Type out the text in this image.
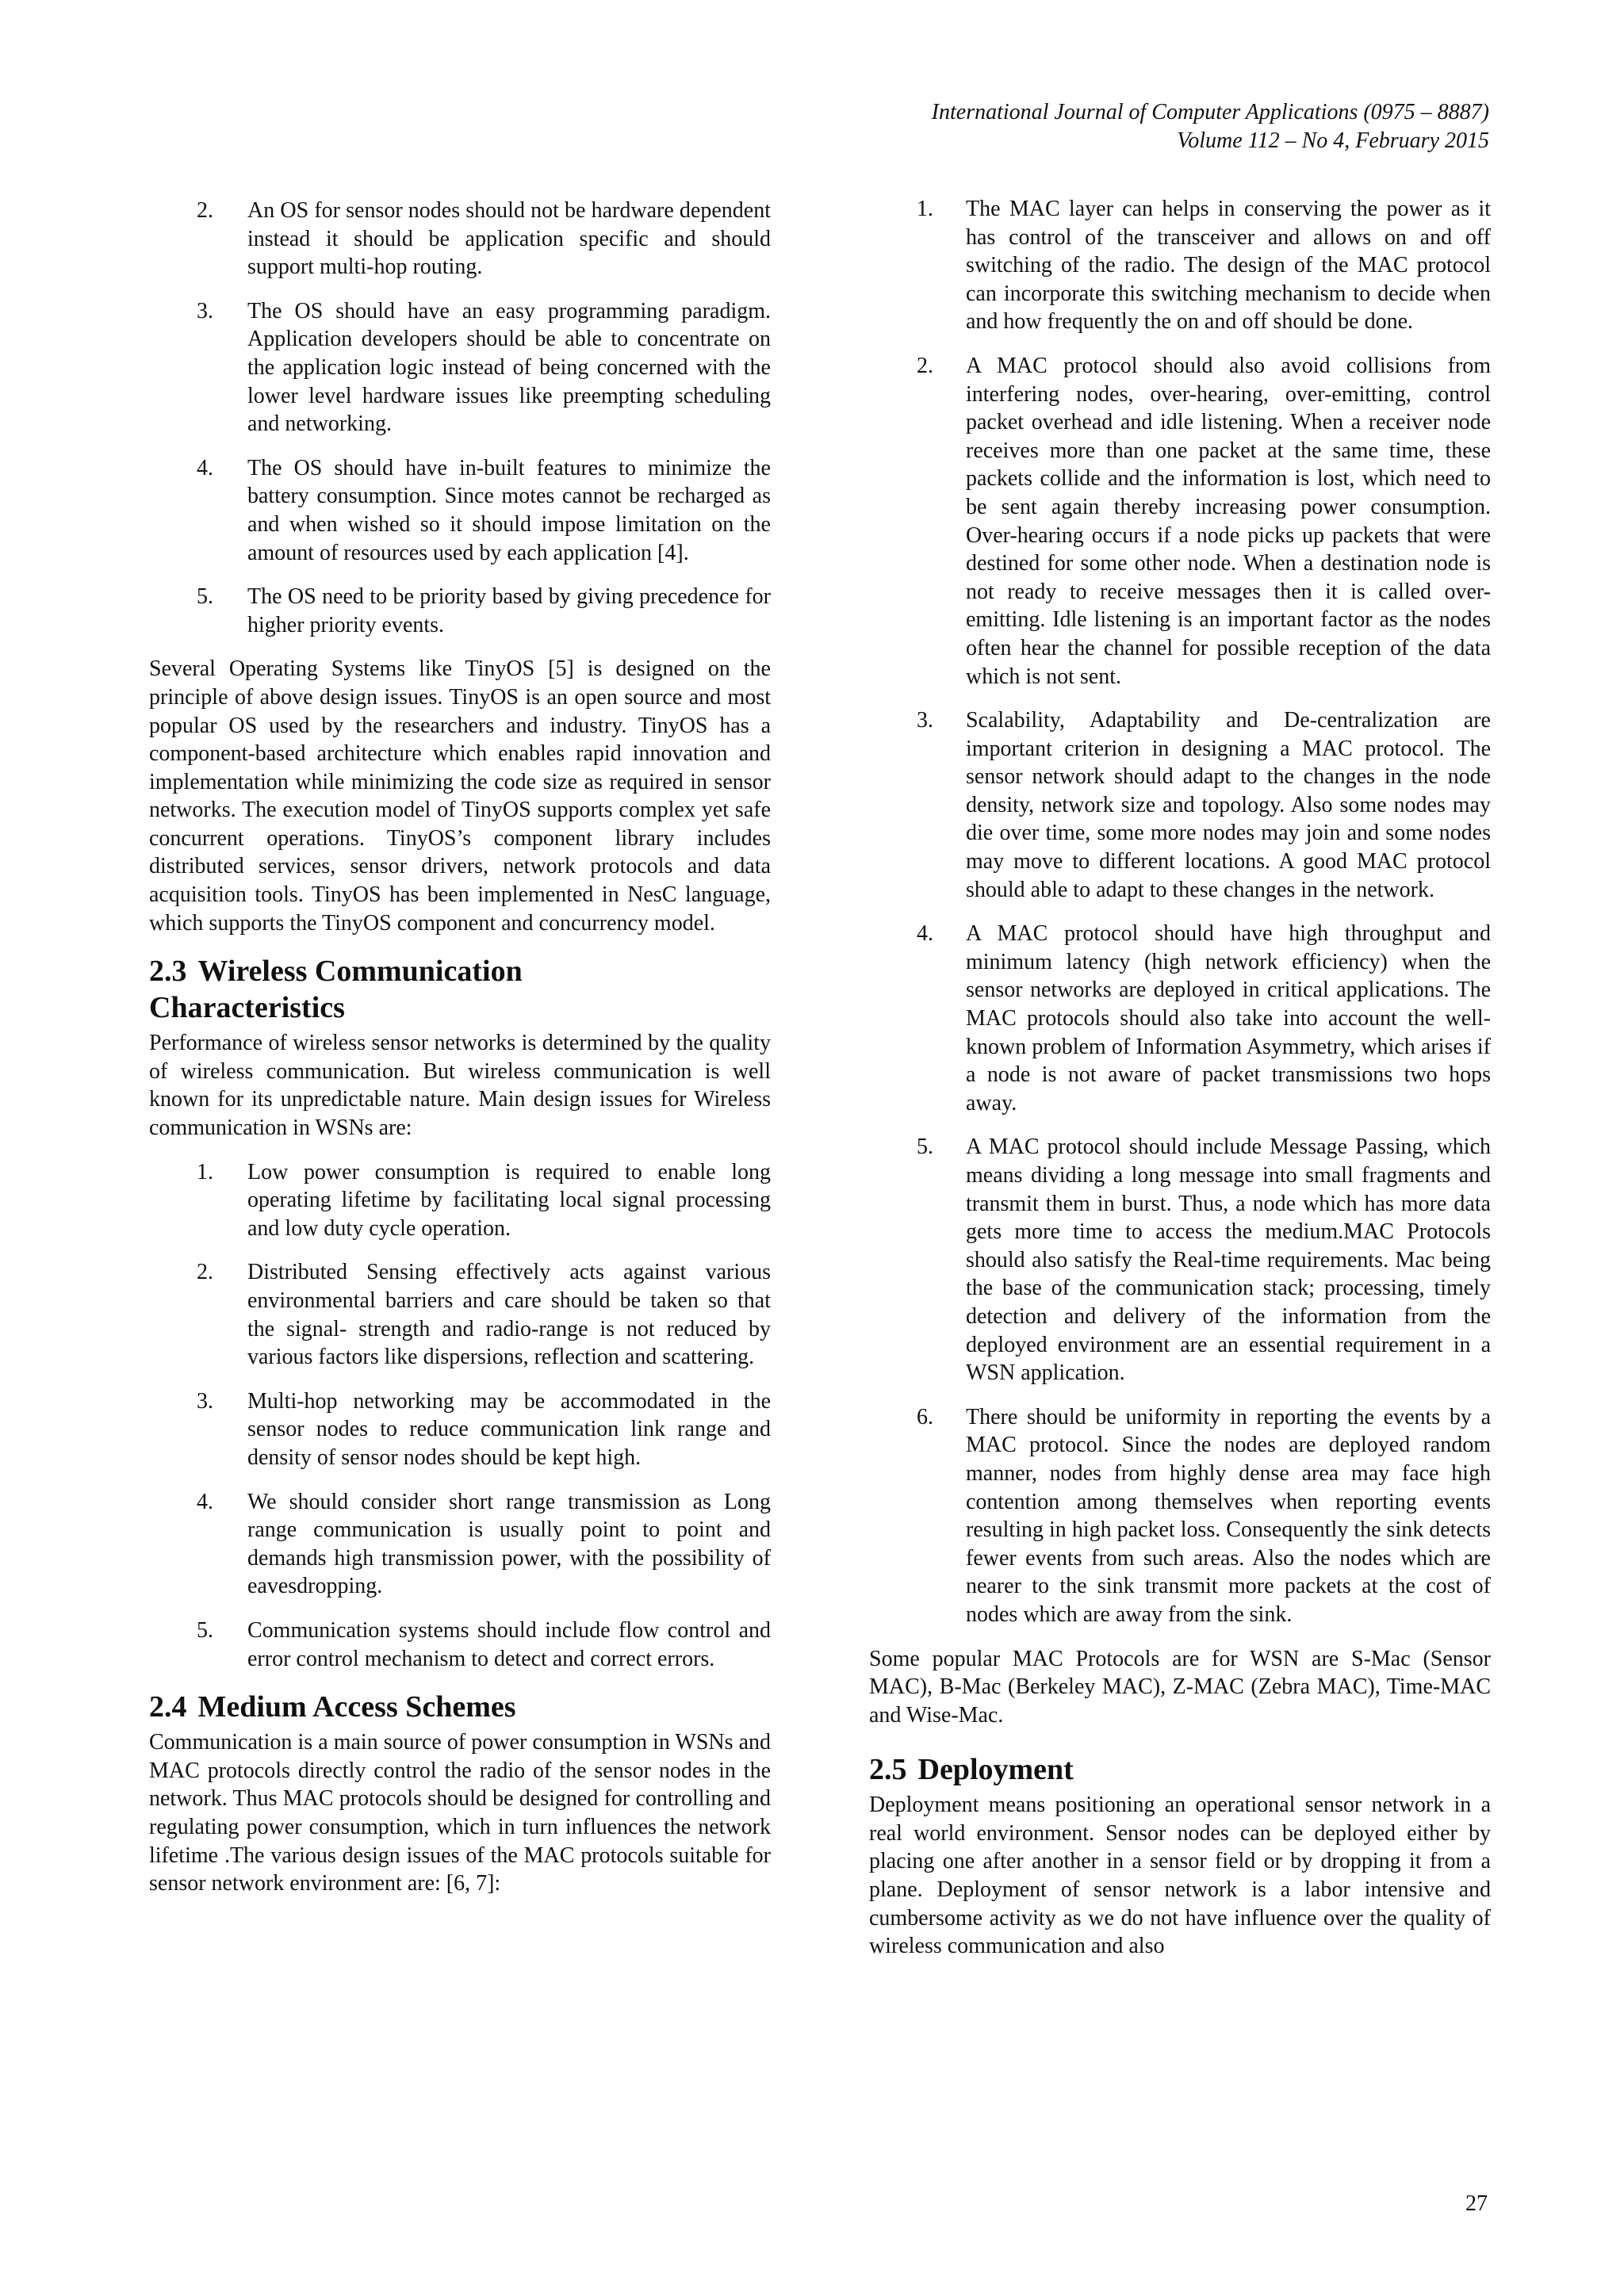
International Journal of Computer Applications (0975 – 8887)
Volume 112 – No 4, February 2015
2. An OS for sensor nodes should not be hardware dependent instead it should be application specific and should support multi-hop routing.
3. The OS should have an easy programming paradigm. Application developers should be able to concentrate on the application logic instead of being concerned with the lower level hardware issues like preempting scheduling and networking.
4. The OS should have in-built features to minimize the battery consumption. Since motes cannot be recharged as and when wished so it should impose limitation on the amount of resources used by each application [4].
5. The OS need to be priority based by giving precedence for higher priority events.

Several Operating Systems like TinyOS [5] is designed on the principle of above design issues. TinyOS is an open source and most popular OS used by the researchers and industry. TinyOS has a component-based architecture which enables rapid innovation and implementation while minimizing the code size as required in sensor networks. The execution model of TinyOS supports complex yet safe concurrent operations. TinyOS’s component library includes distributed services, sensor drivers, network protocols and data acquisition tools. TinyOS has been implemented in NesC language, which supports the TinyOS component and concurrency model.

2.3 Wireless Communication
Characteristics

Performance of wireless sensor networks is determined by the quality of wireless communication. But wireless communication is well known for its unpredictable nature. Main design issues for Wireless communication in WSNs are:

1. Low power consumption is required to enable long operating lifetime by facilitating local signal processing and low duty cycle operation.
2. Distributed Sensing effectively acts against various environmental barriers and care should be taken so that the signal- strength and radio-range is not reduced by various factors like dispersions, reflection and scattering.
3. Multi-hop networking may be accommodated in the sensor nodes to reduce communication link range and density of sensor nodes should be kept high.
4. We should consider short range transmission as Long range communication is usually point to point and demands high transmission power, with the possibility of eavesdropping.
5. Communication systems should include flow control and error control mechanism to detect and correct errors.
2.4 Medium Access Schemes

Communication is a main source of power consumption in WSNs and MAC protocols directly control the radio of the sensor nodes in the network. Thus MAC protocols should be designed for controlling and regulating power consumption, which in turn influences the network lifetime .The various design issues of the MAC protocols suitable for sensor network environment are: [6, 7]:

1. The MAC layer can helps in conserving the power as it has control of the transceiver and allows on and off switching of the radio. The design of the MAC protocol can incorporate this switching mechanism to decide when and how frequently the on and off should be done.
2. A MAC protocol should also avoid collisions from interfering nodes, over-hearing, over-emitting, control packet overhead and idle listening. When a receiver node receives more than one packet at the same time, these packets collide and the information is lost, which need to be sent again thereby increasing power consumption. Over-hearing occurs if a node picks up packets that were destined for some other node. When a destination node is not ready to receive messages then it is called over-emitting. Idle listening is an important factor as the nodes often hear the channel for possible reception of the data which is not sent.
3. Scalability, Adaptability and De-centralization are important criterion in designing a MAC protocol. The sensor network should adapt to the changes in the node density, network size and topology. Also some nodes may die over time, some more nodes may join and some nodes may move to different locations. A good MAC protocol should able to adapt to these changes in the network.
4. A MAC protocol should have high throughput and minimum latency (high network efficiency) when the sensor networks are deployed in critical applications. The MAC protocols should also take into account the well-known problem of Information Asymmetry, which arises if a node is not aware of packet transmissions two hops away.
5. A MAC protocol should include Message Passing, which means dividing a long message into small fragments and transmit them in burst. Thus, a node which has more data gets more time to access the medium.MAC Protocols should also satisfy the Real-time requirements. Mac being the base of the communication stack; processing, timely detection and delivery of the information from the deployed environment are an essential requirement in a WSN application.
6. There should be uniformity in reporting the events by a MAC protocol. Since the nodes are deployed random manner, nodes from highly dense area may face high contention among themselves when reporting events resulting in high packet loss. Consequently the sink detects fewer events from such areas. Also the nodes which are nearer to the sink transmit more packets at the cost of nodes which are away from the sink.

Some popular MAC Protocols are for WSN are S-Mac (Sensor MAC), B-Mac (Berkeley MAC), Z-MAC (Zebra MAC), Time-MAC and Wise-Mac.

2.5 Deployment

Deployment means positioning an operational sensor network in a real world environment. Sensor nodes can be deployed either by placing one after another in a sensor field or by dropping it from a plane. Deployment of sensor network is a labor intensive and cumbersome activity as we do not have influence over the quality of wireless communication and also

27
